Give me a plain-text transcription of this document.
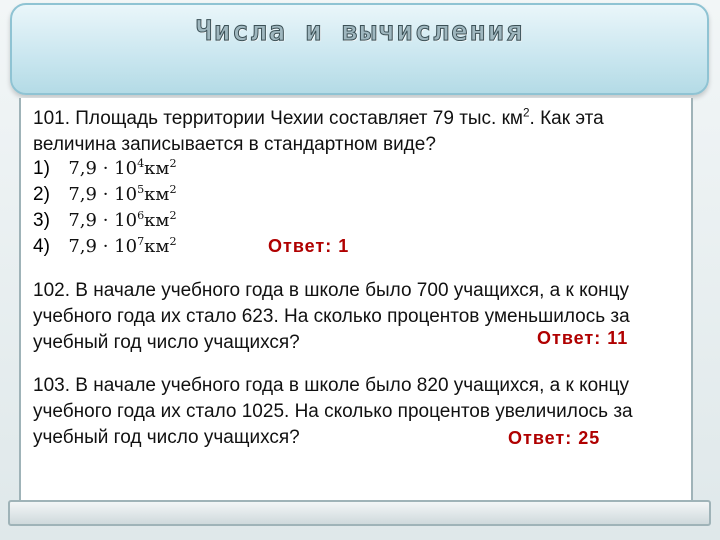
Числа и вычисления

101. Площадь территории Чехии составляет 79 тыс. $км^2$. Как эта величина записывается в стандартном виде?

1) $7,9 \cdot 10^4км^2$
2) $7,9 \cdot 10^5км^2$
3) $7,9 \cdot 10^6км^2$
4) $7,9 \cdot 10^7км^2$	Ответ: 1

102. В начале учебного года в школе было 700 учащихся, а к концу учебного года их стало 623. На сколько процентов уменьшилось за учебный год число учащихся?	Ответ: 11

103. В начале учебного года в школе было 820 учащихся, а к концу учебного года их стало 1025. На сколько процентов увеличилось за учебный год число учащихся?	Ответ: 25
